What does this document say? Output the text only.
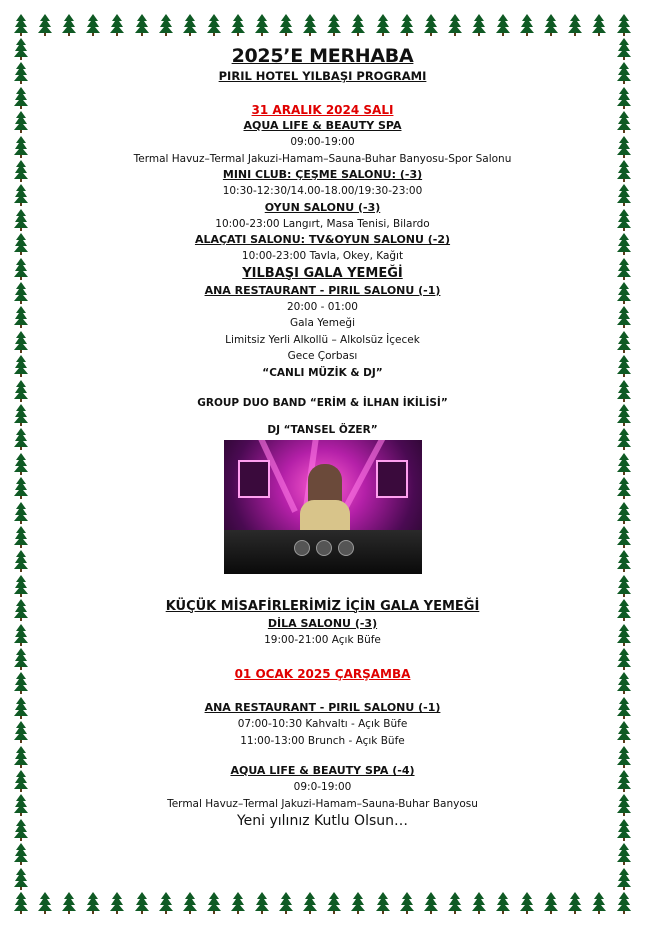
2025’E MERHABA
PIRIL HOTEL YILBAŞI PROGRAMI
31 ARALIK 2024 SALI
AQUA LIFE & BEAUTY SPA
09:00-19:00
Termal Havuz–Termal Jakuzi-Hamam–Sauna-Buhar Banyosu-Spor Salonu
MINI CLUB: ÇEŞME SALONU: (-3)
10:30-12:30/14.00-18.00/19:30-23:00
OYUN SALONU (-3)
10:00-23:00 Langırt, Masa Tenisi, Bilardo
ALAÇATI SALONU: TV&OYUN SALONU (-2)
10:00-23:00 Tavla, Okey, Kağıt
YILBAŞI GALA YEMEĞİ
ANA RESTAURANT - PIRIL SALONU (-1)
20:00 - 01:00
Gala Yemeği
Limitsiz Yerli Alkollü – Alkolsüz İçecek
Gece Çorbası
“CANLI MÜZİK & DJ”
GROUP DUO BAND “ERİM & İLHAN İKİLİSİ”
DJ “TANSEL ÖZER”
KÜÇÜK MİSAFİRLERİMİZ İÇİN GALA YEMEĞİ
DİLA SALONU (-3)
19:00-21:00 Açık Büfe
01 OCAK 2025 ÇARŞAMBA
ANA RESTAURANT - PIRIL SALONU (-1)
07:00-10:30 Kahvaltı - Açık Büfe
11:00-13:00 Brunch - Açık Büfe
AQUA LIFE & BEAUTY SPA (-4)
09:0-19:00
Termal Havuz–Termal Jakuzi-Hamam–Sauna-Buhar Banyosu
Yeni yılınız Kutlu Olsun…
